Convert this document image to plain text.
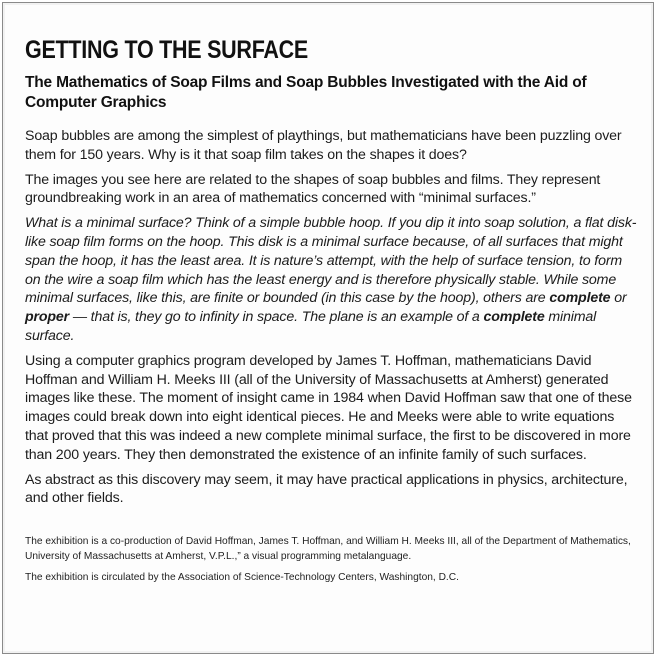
GETTING TO THE SURFACE
The Mathematics of Soap Films and Soap Bubbles Investigated with the Aid of Computer Graphics

Soap bubbles are among the simplest of playthings, but mathematicians have been puzzling over them for 150 years. Why is it that soap film takes on the shapes it does?

The images you see here are related to the shapes of soap bubbles and films. They represent groundbreaking work in an area of mathematics concerned with “minimal surfaces.”

What is a minimal surface? Think of a simple bubble hoop. If you dip it into soap solution, a flat disk-like soap film forms on the hoop. This disk is a minimal surface because, of all surfaces that might span the hoop, it has the least area. It is nature’s attempt, with the help of surface tension, to form on the wire a soap film which has the least energy and is therefore physically stable. While some minimal surfaces, like this, are finite or bounded (in this case by the hoop), others are complete or proper — that is, they go to infinity in space. The plane is an example of a complete minimal surface.

Using a computer graphics program developed by James T. Hoffman, mathematicians David Hoffman and William H. Meeks III (all of the University of Massachusetts at Amherst) generated images like these. The moment of insight came in 1984 when David Hoffman saw that one of these images could break down into eight identical pieces. He and Meeks were able to write equations that proved that this was indeed a new complete minimal surface, the first to be discovered in more than 200 years. They then demonstrated the existence of an infinite family of such surfaces.

As abstract as this discovery may seem, it may have practical applications in physics, architecture, and other fields.

The exhibition is a co-production of David Hoffman, James T. Hoffman, and William H. Meeks III, all of the Department of Mathematics, University of Massachusetts at Amherst, V.P.L.,” a visual programming metalanguage.

The exhibition is circulated by the Association of Science-Technology Centers, Washington, D.C.
